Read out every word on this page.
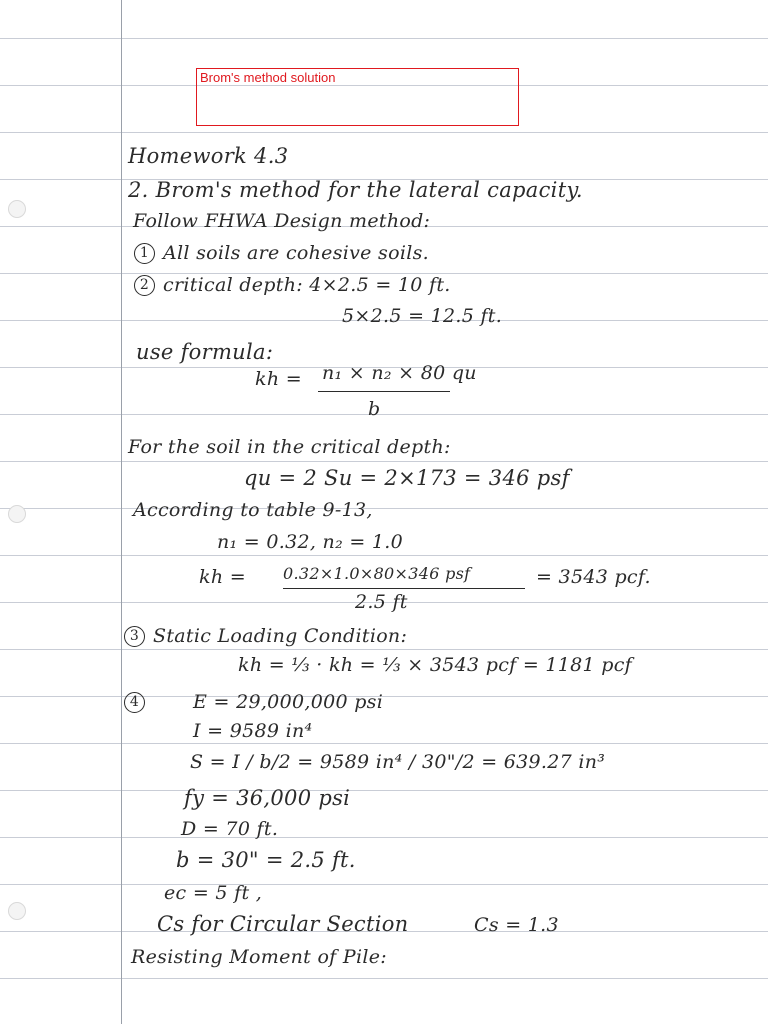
Brom's method solution
Homework 4.3
2. Brom's method for the lateral capacity.
Follow FHWA Design method:
1 All soils are cohesive soils.
2 critical depth: 4×2.5 = 10 ft.
5×2.5 = 12.5 ft.
use formula:
kh = n₁ × n₂ × 80 qu
b
For the soil in the critical depth:
qu = 2 Su = 2×173 = 346 psf
According to table 9-13,
n₁ = 0.32, n₂ = 1.0
kh = 0.32×1.0×80×346 psf
2.5 ft
= 3543 pcf.
3 Static Loading Condition:
kh = ⅓ · kh = ⅓ × 3543 pcf = 1181 pcf
4	E = 29,000,000 psi
I = 9589 in⁴
S = I / b/2 = 9589 in⁴ / 30"/2 = 639.27 in³
fy = 36,000 psi
D = 70 ft.
b = 30" = 2.5 ft.
ec = 5 ft ,
Cs for Circular Section	Cs = 1.3
Resisting Moment of Pile:
